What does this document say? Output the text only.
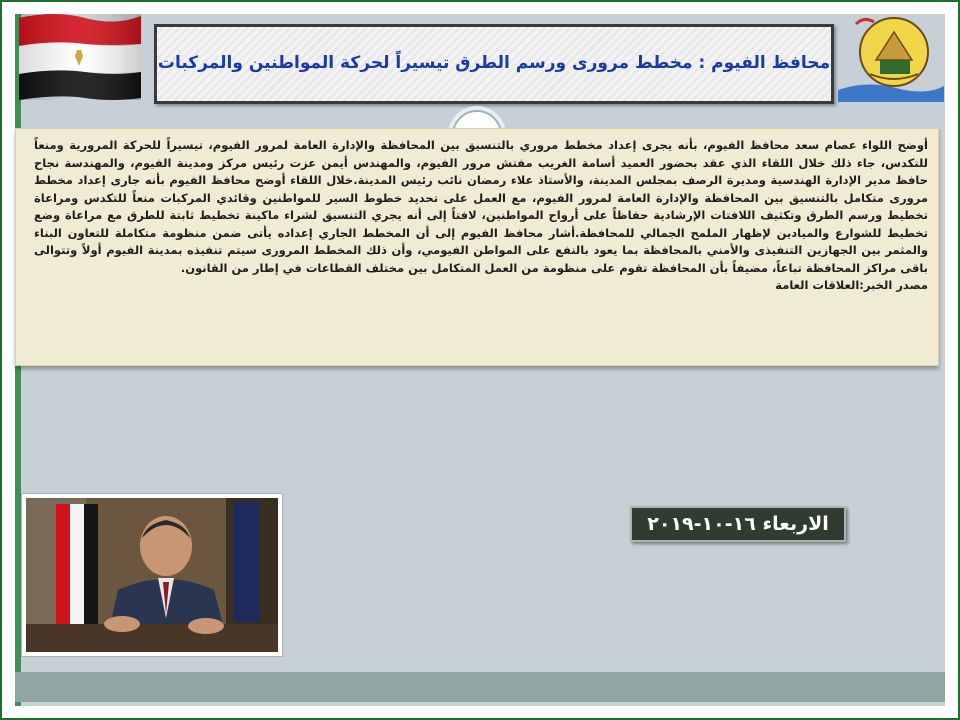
محافظ الفيوم : مخطط مرورى ورسم الطرق تيسيراً لحركة المواطنين والمركبات
أوضح اللواء عصام سعد محافظ الفيوم، بأنه يجرى إعداد مخطط مروري بالتنسيق بين المحافظة والإدارة العامة لمرور الفيوم، تيسيراً للحركة المرورية ومنعاً للتكدس، جاء ذلك خلال اللقاء الذي عقد بحضور العميد أسامة الغريب مفتش مرور الفيوم، والمهندس أيمن عزت رئيس مركز ومدينة الفيوم، والمهندسة نجاح حافظ مدير الإدارة الهندسية ومديرة الرصف بمجلس المدينة، والأستاذ علاء رمضان نائب رئيس المدينة.خلال اللقاء أوضح محافظ الفيوم بأنه جارى إعداد مخطط مرورى متكامل بالتنسيق بين المحافظة والإدارة العامة لمرور الفيوم، مع العمل على تحديد خطوط السير للمواطنين وقائدي المركبات منعاً للتكدس ومراعاة تخطيط ورسم الطرق وتكثيف اللافتات الإرشادية حفاظاً على أرواح المواطنين، لافتاً إلى أنه يجري التنسيق لشراء ماكينة تخطيط ثابتة للطرق مع مراعاة وضع تخطيط للشوارع والميادين لإظهار الملمح الجمالي للمحافظة.أشار محافظ الفيوم إلى أن المخطط الجاري إعداده يأتى ضمن منظومة متكاملة للتعاون البناء والمثمر بين الجهازين التنفيذى والأمني بالمحافظة بما يعود بالنفع على المواطن الفيومي، وأن ذلك المخطط المرورى سيتم تنفيذه بمدينة الفيوم أولاً وتتوالى باقى مراكز المحافظة تباعاً، مضيفاً بأن المحافظة تقوم على منظومة من العمل المتكامل بين مختلف القطاعات في إطار من القانون.
مصدر الخبر:العلاقات العامة
الاربعاء ١٦-١٠-٢٠١٩
